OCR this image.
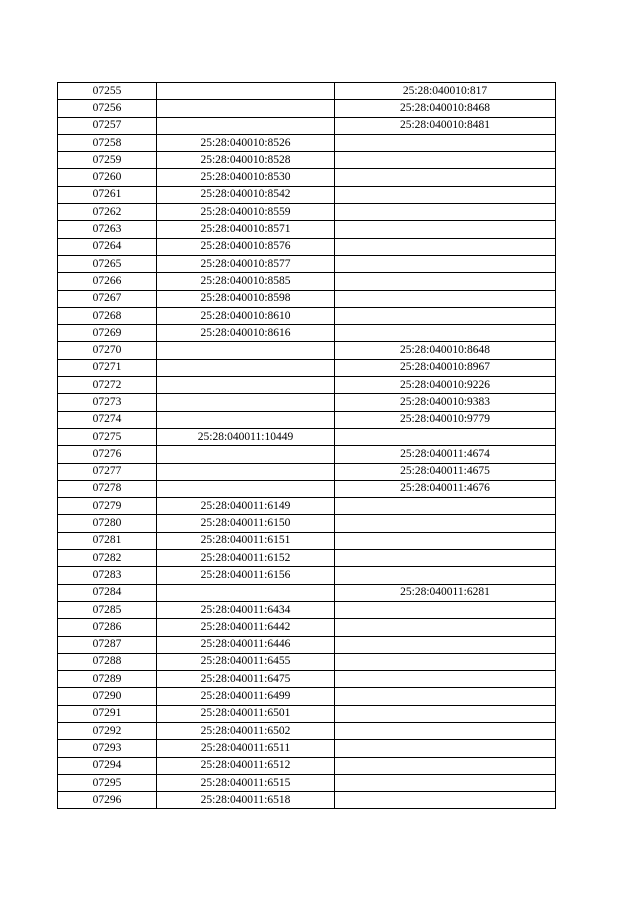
07255		25:28:040010:817
07256		25:28:040010:8468
07257		25:28:040010:8481
07258	25:28:040010:8526	
07259	25:28:040010:8528	
07260	25:28:040010:8530	
07261	25:28:040010:8542	
07262	25:28:040010:8559	
07263	25:28:040010:8571	
07264	25:28:040010:8576	
07265	25:28:040010:8577	
07266	25:28:040010:8585	
07267	25:28:040010:8598	
07268	25:28:040010:8610	
07269	25:28:040010:8616	
07270		25:28:040010:8648
07271		25:28:040010:8967
07272		25:28:040010:9226
07273		25:28:040010:9383
07274		25:28:040010:9779
07275	25:28:040011:10449	
07276		25:28:040011:4674
07277		25:28:040011:4675
07278		25:28:040011:4676
07279	25:28:040011:6149	
07280	25:28:040011:6150	
07281	25:28:040011:6151	
07282	25:28:040011:6152	
07283	25:28:040011:6156	
07284		25:28:040011:6281
07285	25:28:040011:6434	
07286	25:28:040011:6442	
07287	25:28:040011:6446	
07288	25:28:040011:6455	
07289	25:28:040011:6475	
07290	25:28:040011:6499	
07291	25:28:040011:6501	
07292	25:28:040011:6502	
07293	25:28:040011:6511	
07294	25:28:040011:6512	
07295	25:28:040011:6515	
07296	25:28:040011:6518	
